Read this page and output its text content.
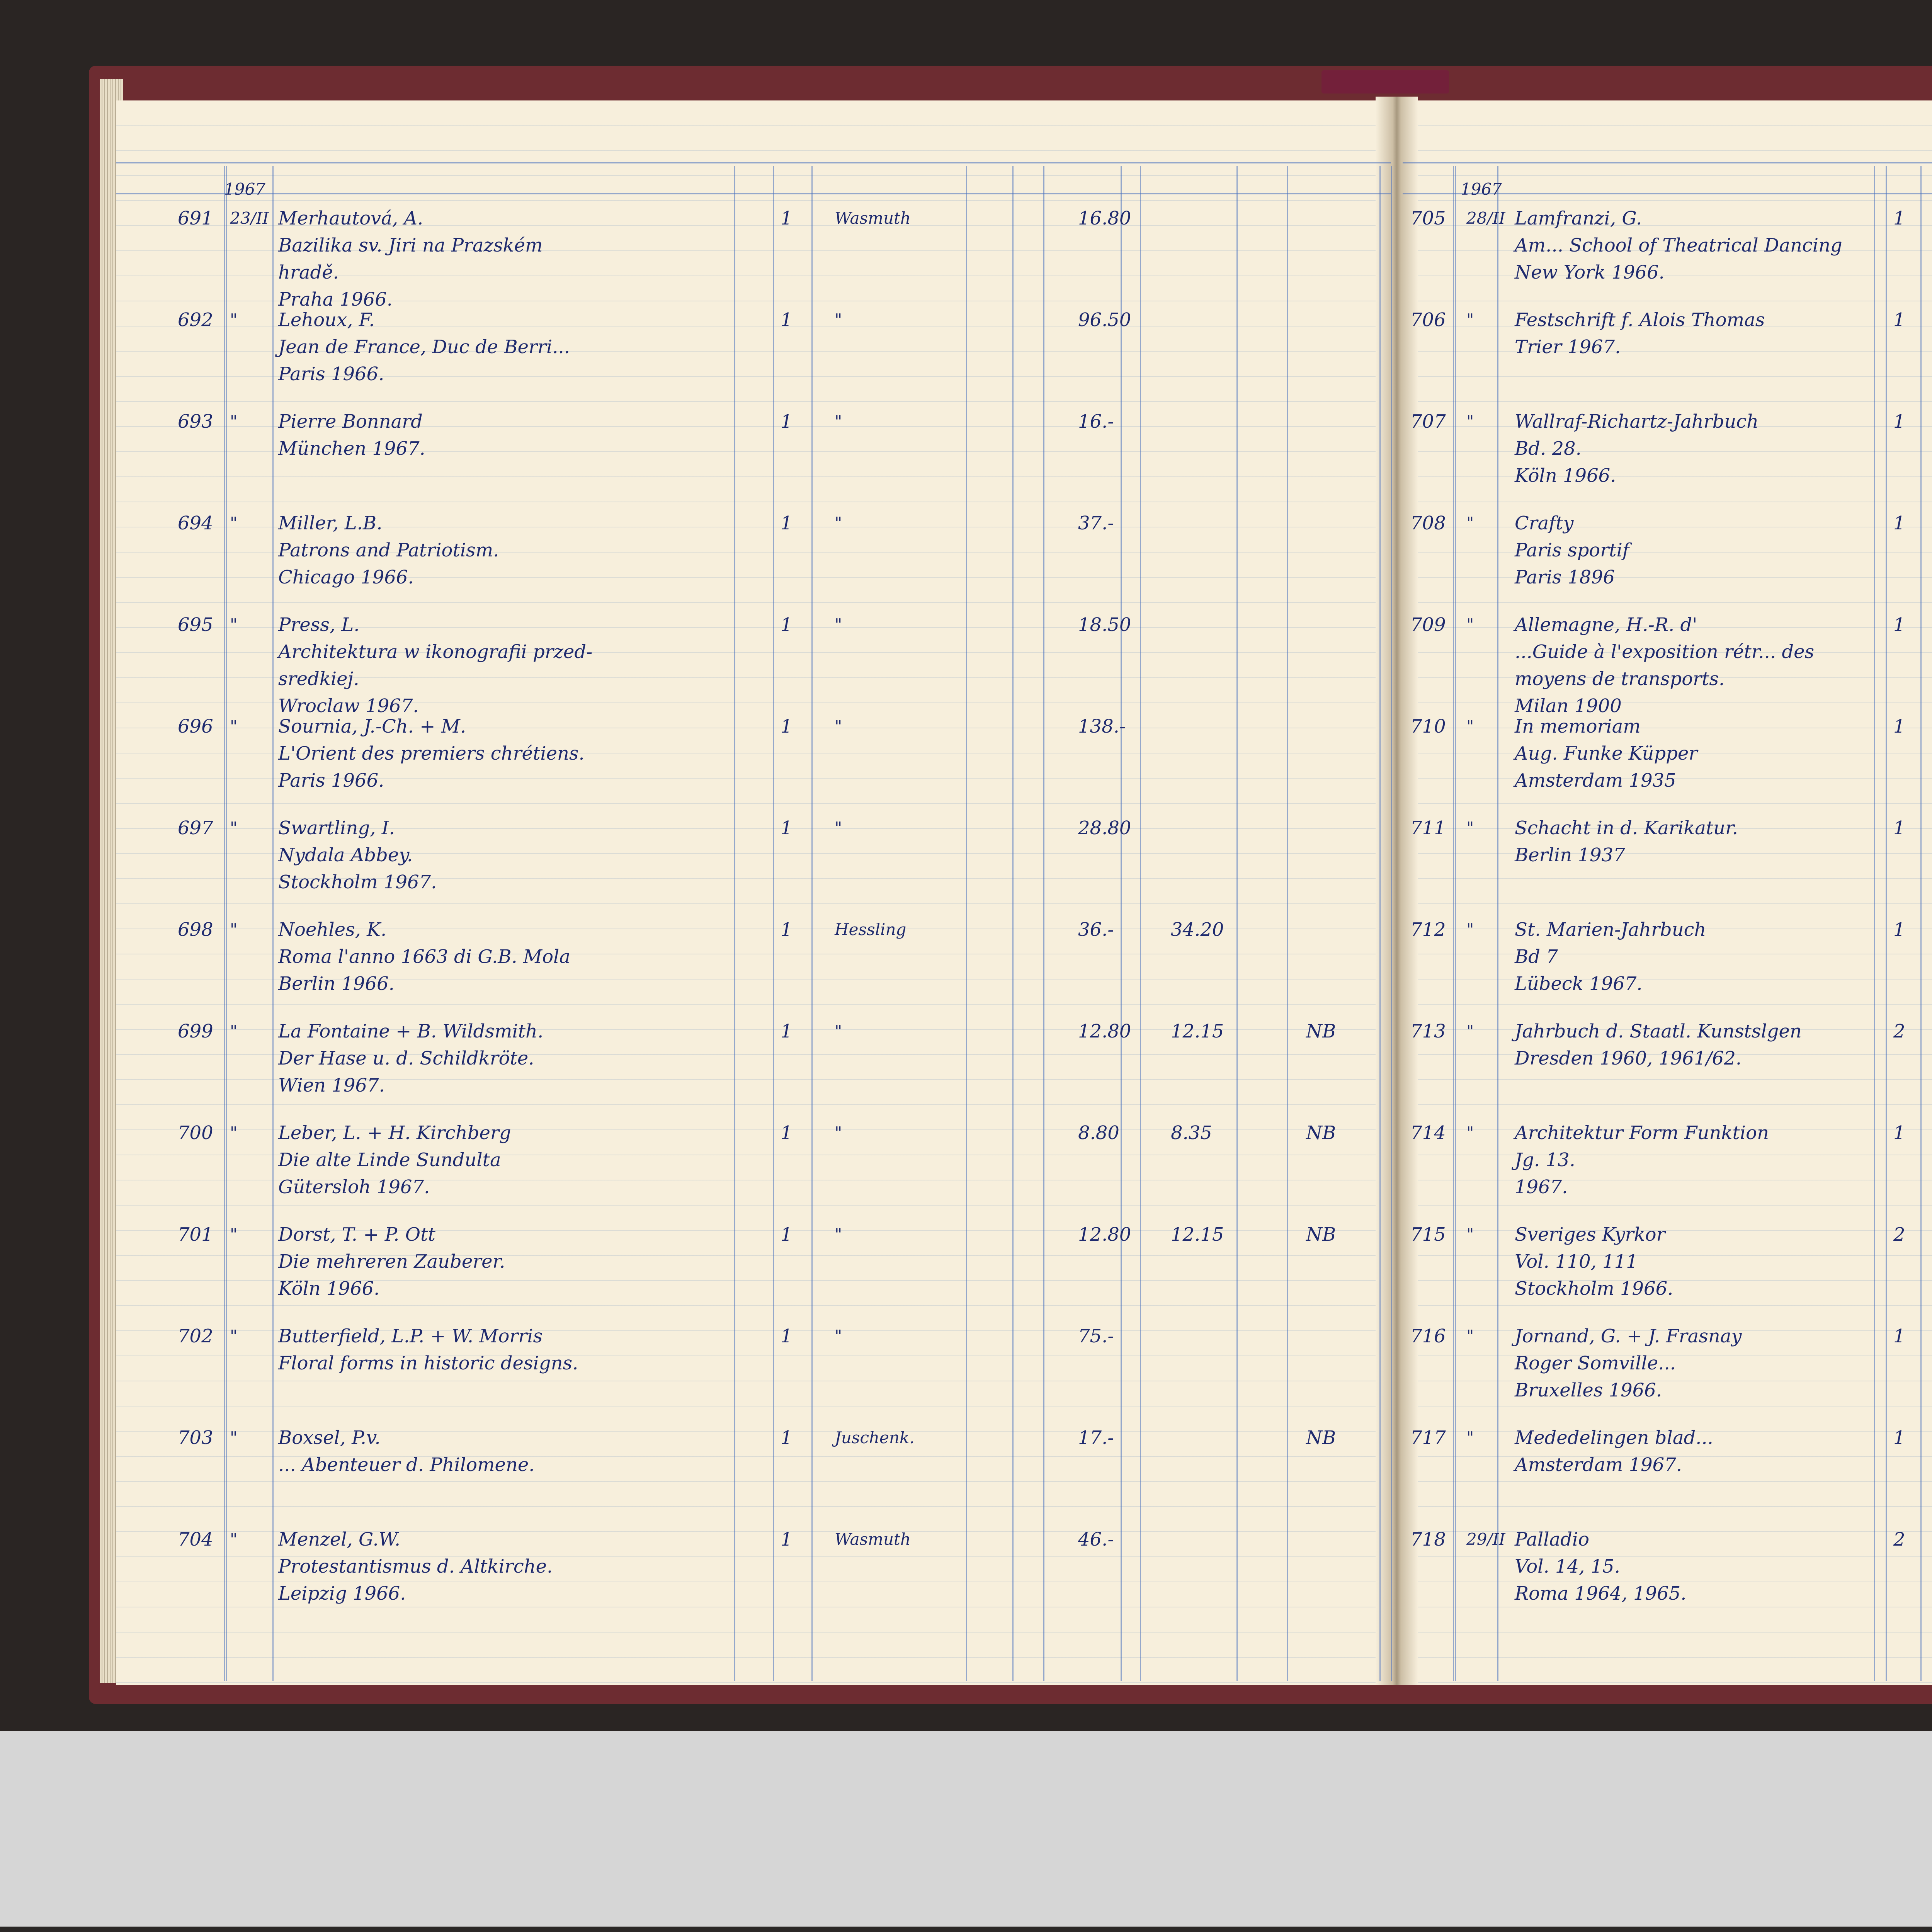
1967
691 23/II Merhautová, A.
Bazilika sv. Jiri na Prazském
hradě.
Praha 1966.
1	Wasmuth	16.80
692 " Lehoux, F.
Jean de France, Duc de Berri...
Paris 1966.
1	"	96.50
693 " Pierre Bonnard
München 1967.
1	"	16.-
694 " Miller, L.B.
Patrons and Patriotism.
Chicago 1966.
1	"	37.-
695 " Press, L.
Architektura w ikonografii przed-
sredkiej.
Wroclaw 1967.
1	"	18.50
696 " Sournia, J.-Ch. + M.
L'Orient des premiers chrétiens.
Paris 1966.
1	"	138.-
697 " Swartling, I.
Nydala Abbey.
Stockholm 1967.
1	"	28.80
698 " Noehles, K.
Roma l'anno 1663 di G.B. Mola
Berlin 1966.
1	Hessling	36.-	34.20
699 " La Fontaine + B. Wildsmith.
Der Hase u. d. Schildkröte.
Wien 1967.
1	"	12.80 12.15	NB
700 " Leber, L. + H. Kirchberg
Die alte Linde Sundulta
Gütersloh 1967.
1	"	8.80	8.35	NB
701 " Dorst, T. + P. Ott
Die mehreren Zauberer.
Köln 1966.
1	"	12.80 12.15	NB
702 " Butterfield, L.P. + W. Morris
Floral forms in historic designs.
1	"	75.-
703 " Boxsel, P.v.
... Abenteuer d. Philomene.
1	Juschenk.	17.-	NB
704 " Menzel, G.W.
Protestantismus d. Altkirche.
Leipzig 1966.
1	Wasmuth	46.-
1967
705 28/II Lamfranzi, G.
Am... School of Theatrical Dancing
New York 1966.
1
706 " Festschrift f. Alois Thomas
Trier 1967.
1
707 " Wallraf-Richartz-Jahrbuch
Bd. 28.
Köln 1966.
1
708 " Crafty
Paris sportif
Paris 1896
1
709 " Allemagne, H.-R. d'
...Guide à l'exposition rétr... des
moyens de transports.
Milan 1900
1
710 " In memoriam
Aug. Funke Küpper
Amsterdam 1935
1
711 " Schacht in d. Karikatur.
Berlin 1937
1
712 " St. Marien-Jahrbuch
Bd 7
Lübeck 1967.
1
713 " Jahrbuch d. Staatl. Kunstslgen
Dresden 1960, 1961/62.
2
714 " Architektur Form Funktion
Jg. 13.
1967.
1
715 " Sveriges Kyrkor
Vol. 110, 111
Stockholm 1966.
2
716 " Jornand, G. + J. Frasnay
Roger Somville...
Bruxelles 1966.
1
717 " Mededelingen blad...
Amsterdam 1967.
1
718 29/II Palladio
Vol. 14, 15.
Roma 1964, 1965.
2
